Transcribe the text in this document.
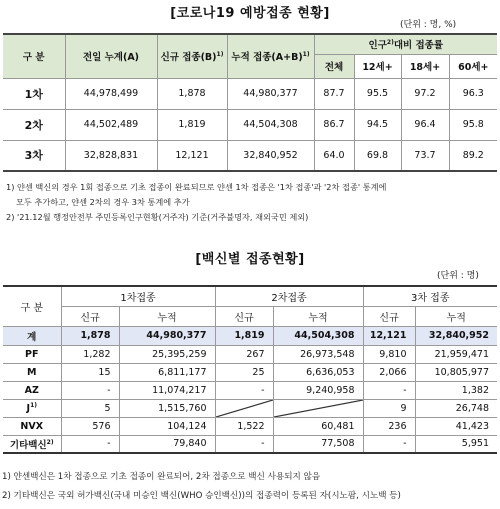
[코로나19 예방접종 현황]
(단위 : 명, %)
구 분	전일 누계(A)	신규 접종$(B)^{1)}$	누적 접종$(A+B)^{1)}$	인구$^{2)}$대비 접종률			
				전체	12세+	18세+	60세+
1차	44,978,499	1,878	44,980,377	87.7	95.5	97.2	96.3
2차	44,502,489	1,819	44,504,308	86.7	94.5	96.4	95.8
3차	32,828,831	12,121	32,840,952	64.0	69.8	73.7	89.2
1) 얀센 백신의 경우 1회 접종으로 기초 접종이 완료되므로 얀센 1차 접종은 '1차 접종'과 '2차 접종' 통계에
모두 추가하고, 얀센 2차의 경우 3차 통계에 추가
2) '21.12월 행정안전부 주민등록인구현황(거주자) 기준(거주불명자, 재외국민 제외)
[백신별 접종현황]
(단위 : 명)
구 분	1차접종		2차접종		3차 접종	
	신규	누적	신규	누적	신규	누적
계	1,878	44,980,377	1,819	44,504,308	12,121	32,840,952
PF	1,282	25,395,259	267	26,973,548	9,810	21,959,471
M	15	6,811,177	25	6,636,053	2,066	10,805,977
AZ	-	11,074,217	-	9,240,958	-	1,382
$J^{1)}$	5	1,515,760			9	26,748
NVX	576	104,124	1,522	60,481	236	41,423
기타백신$^{2)}$	-	79,840	-	77,508	-	5,951
1) 얀센백신은 1차 접종으로 기초 접종이 완료되어, 2차 접종으로 백신 사용되지 않음
2) 기타백신은 국외 허가백신(국내 미승인 백신(WHO 승인백신))의 접종력이 등록된 자(시노팜, 시노백 등)
